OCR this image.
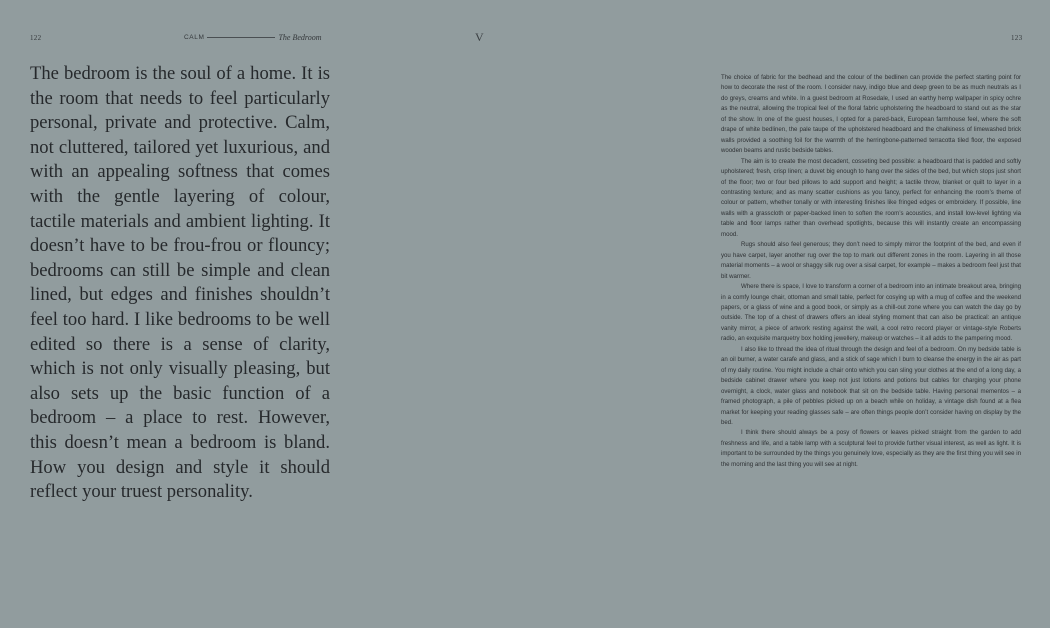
122	CALM	The Bedroom	V	123

The bedroom is the soul of a home. It is the room that needs to feel particularly personal, private and protective. Calm, not cluttered, tailored yet luxurious, and with an appealing softness that comes with the gentle layering of colour, tactile materials and ambient lighting. It doesn’t have to be frou-frou or flouncy; bedrooms can still be simple and clean lined, but edges and finishes shouldn’t feel too hard. I like bedrooms to be well edited so there is a sense of clarity, which is not only visually pleasing, but also sets up the basic function of a bedroom – a place to rest. However, this doesn’t mean a bedroom is bland. How you design and style it should reflect your truest personality.

The choice of fabric for the bedhead and the colour of the bedlinen can provide the perfect starting point for how to decorate the rest of the room. I consider navy, indigo blue and deep green to be as much neutrals as I do greys, creams and white. In a guest bedroom at Rosedale, I used an earthy hemp wallpaper in spicy ochre as the neutral, allowing the tropical feel of the floral fabric upholstering the headboard to stand out as the star of the show. In one of the guest houses, I opted for a pared-back, European farmhouse feel, where the soft drape of white bedlinen, the pale taupe of the upholstered headboard and the chalkiness of limewashed brick walls provided a soothing foil for the warmth of the herringbone-patterned terracotta tiled floor, the exposed wooden beams and rustic bedside tables.

The aim is to create the most decadent, cosseting bed possible: a headboard that is padded and softly upholstered; fresh, crisp linen; a duvet big enough to hang over the sides of the bed, but which stops just short of the floor; two or four bed pillows to add support and height; a tactile throw, blanket or quilt to layer in a contrasting texture; and as many scatter cushions as you fancy, perfect for enhancing the room’s theme of colour or pattern, whether tonally or with interesting finishes like fringed edges or embroidery. If possible, line walls with a grasscloth or paper-backed linen to soften the room’s acoustics, and install low-level lighting via table and floor lamps rather than overhead spotlights, because this will instantly create an encompassing mood.

Rugs should also feel generous; they don’t need to simply mirror the footprint of the bed, and even if you have carpet, layer another rug over the top to mark out different zones in the room. Layering in all those material moments – a wool or shaggy silk rug over a sisal carpet, for example – makes a bedroom feel just that bit warmer.

Where there is space, I love to transform a corner of a bedroom into an intimate breakout area, bringing in a comfy lounge chair, ottoman and small table, perfect for cosying up with a mug of coffee and the weekend papers, or a glass of wine and a good book, or simply as a chill-out zone where you can watch the day go by outside. The top of a chest of drawers offers an ideal styling moment that can also be practical: an antique vanity mirror, a piece of artwork resting against the wall, a cool retro record player or vintage-style Roberts radio, an exquisite marquetry box holding jewellery, makeup or watches – it all adds to the pampering mood.

I also like to thread the idea of ritual through the design and feel of a bedroom. On my bedside table is an oil burner, a water carafe and glass, and a stick of sage which I burn to cleanse the energy in the air as part of my daily routine. You might include a chair onto which you can sling your clothes at the end of a long day, a bedside cabinet drawer where you keep not just lotions and potions but cables for charging your phone overnight, a clock, water glass and notebook that sit on the bedside table. Having personal mementos – a framed photograph, a pile of pebbles picked up on a beach while on holiday, a vintage dish found at a flea market for keeping your reading glasses safe – are often things people don’t consider having on display by the bed.

I think there should always be a posy of flowers or leaves picked straight from the garden to add freshness and life, and a table lamp with a sculptural feel to provide further visual interest, as well as light. It is important to be surrounded by the things you genuinely love, especially as they are the first thing you will see in the morning and the last thing you will see at night.
